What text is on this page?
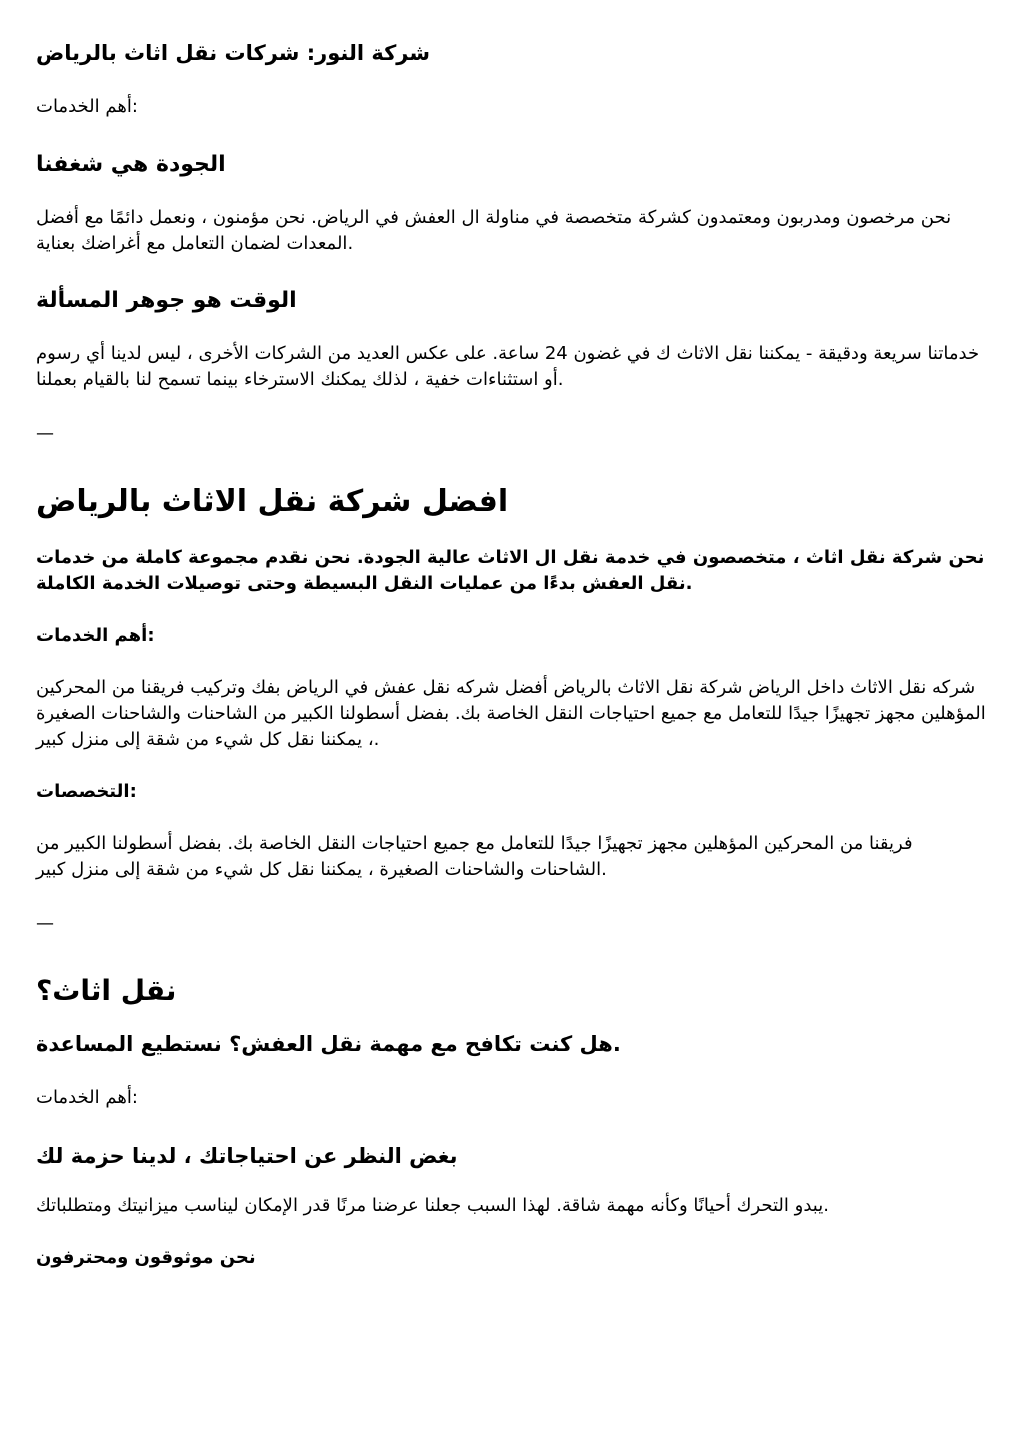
شركة النور: شركات نقل اثاث بالرياض
أهم الخدمات:
الجودة هي شغفنا
نحن مرخصون ومدربون ومعتمدون كشركة متخصصة في مناولة ال العفش في الرياض. نحن مؤمنون ، ونعمل دائمًا مع أفضل المعدات لضمان التعامل مع أغراضك بعناية.
الوقت هو جوهر المسألة
خدماتنا سريعة ودقيقة - يمكننا نقل الاثاث ك في غضون 24 ساعة. على عكس العديد من الشركات الأخرى ، ليس لدينا أي رسوم أو استثناءات خفية ، لذلك يمكنك الاسترخاء بينما تسمح لنا بالقيام بعملنا.
—
افضل شركة نقل الاثاث بالرياض
نحن شركة نقل اثاث ، متخصصون في خدمة نقل ال الاثاث عالية الجودة. نحن نقدم مجموعة كاملة من خدمات نقل العفش بدءًا من عمليات النقل البسيطة وحتى توصيلات الخدمة الكاملة.
أهم الخدمات:
شركه نقل الاثاث داخل الرياض شركة نقل الاثاث بالرياض أفضل شركه نقل عفش في الرياض بفك وتركيب فريقنا من المحركين المؤهلين مجهز تجهيزًا جيدًا للتعامل مع جميع احتياجات النقل الخاصة بك. بفضل أسطولنا الكبير من الشاحنات والشاحنات الصغيرة ، يمكننا نقل كل شيء من شقة إلى منزل كبير.
التخصصات:
فريقنا من المحركين المؤهلين مجهز تجهيزًا جيدًا للتعامل مع جميع احتياجات النقل الخاصة بك. بفضل أسطولنا الكبير من الشاحنات والشاحنات الصغيرة ، يمكننا نقل كل شيء من شقة إلى منزل كبير.
—
نقل اثاث؟
هل كنت تكافح مع مهمة نقل العفش؟ نستطيع المساعدة.
أهم الخدمات:
بغض النظر عن احتياجاتك ، لدينا حزمة لك
يبدو التحرك أحيانًا وكأنه مهمة شاقة. لهذا السبب جعلنا عرضنا مرنًا قدر الإمكان ليناسب ميزانيتك ومتطلباتك.
نحن موثوقون ومحترفون
